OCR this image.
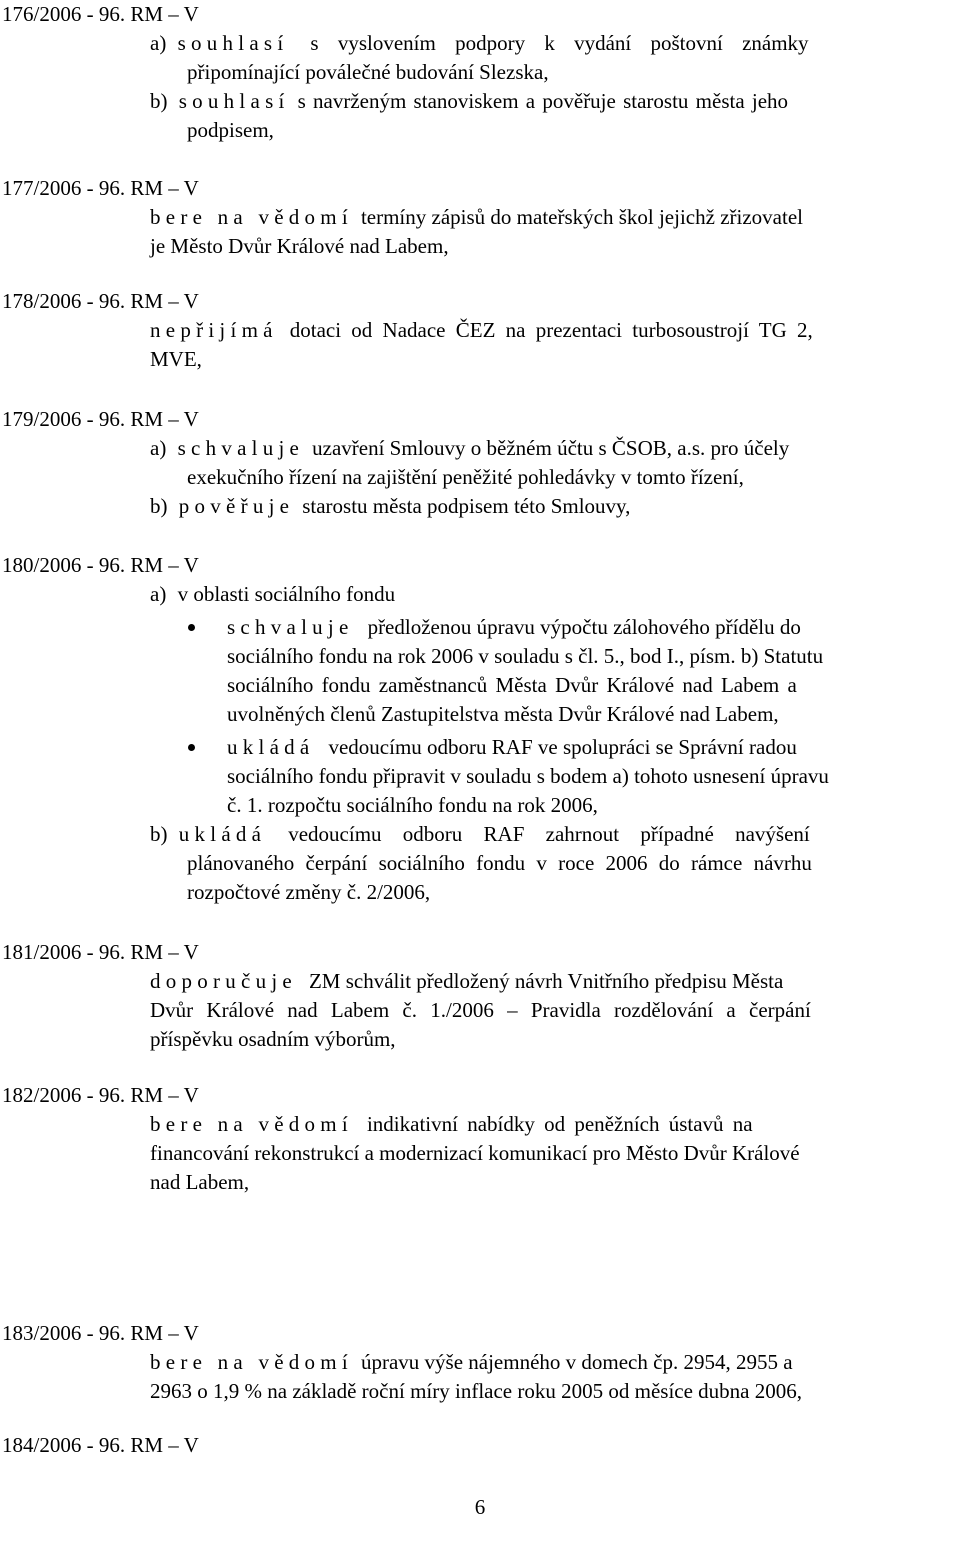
176/2006 - 96. RM – V
a) s o u h l a s í s vyslovením podpory k vydání poštovní známky
připomínající poválečné budování Slezska,
b) s o u h l a s í s navrženým stanoviskem a pověřuje starostu města jeho
podpisem,
177/2006 - 96. RM – V
b e r e   n a   v ě d o m í termíny zápisů do mateřských škol jejichž zřizovatel
je Město Dvůr Králové nad Labem,
178/2006 - 96. RM – V
n e p ř i j í m á dotaci od Nadace ČEZ na prezentaci turbosoustrojí TG 2,
MVE,
179/2006 - 96. RM – V
a) s c h v a l u j e uzavření Smlouvy o běžném účtu s ČSOB, a.s. pro účely
exekučního řízení na zajištění peněžité pohledávky v tomto řízení,
b) p o v ě ř u j e starostu města podpisem této Smlouvy,
180/2006 - 96. RM – V
a) v oblasti sociálního fondu
s c h v a l u j e předloženou úpravu výpočtu zálohového přídělu do
sociálního fondu na rok 2006 v souladu s čl. 5., bod I., písm. b) Statutu
sociálního fondu zaměstnanců Města Dvůr Králové nad Labem a
uvolněných členů Zastupitelstva města Dvůr Králové nad Labem,
u k l á d á vedoucímu odboru RAF ve spolupráci se Správní radou
sociálního fondu připravit v souladu s bodem a) tohoto usnesení úpravu
č. 1. rozpočtu sociálního fondu na rok 2006,
b) u k l á d á vedoucímu odboru RAF zahrnout případné navýšení
plánovaného čerpání sociálního fondu v roce 2006 do rámce návrhu
rozpočtové změny č. 2/2006,
181/2006 - 96. RM – V
d o p o r u č u j e ZM schválit předložený návrh Vnitřního předpisu Města
Dvůr Králové nad Labem č. 1./2006 – Pravidla rozdělování a čerpání
příspěvku osadním výborům,
182/2006 - 96. RM – V
b e r e   n a   v ě d o m í indikativní nabídky od peněžních ústavů na
financování rekonstrukcí a modernizací komunikací pro Město Dvůr Králové
nad Labem,
183/2006 - 96. RM – V
b e r e   n a   v ě d o m í úpravu výše nájemného v domech čp. 2954, 2955 a
2963 o 1,9 % na základě roční míry inflace roku 2005 od měsíce dubna 2006,
184/2006 - 96. RM – V
6
